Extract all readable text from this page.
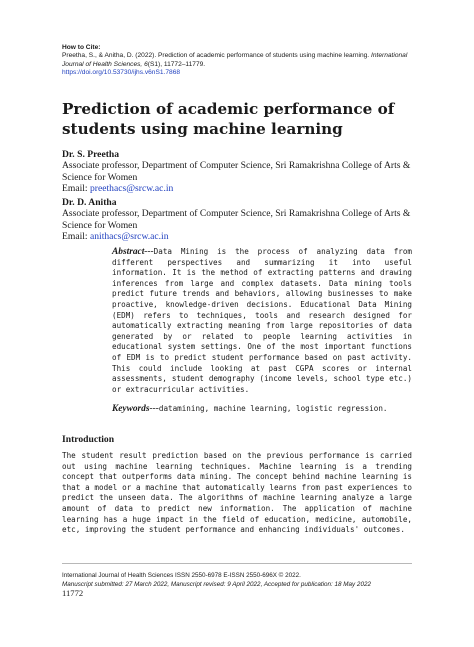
How to Cite:
Preetha, S., & Anitha, D. (2022). Prediction of academic performance of students using machine learning. International Journal of Health Sciences, 6(S1), 11772–11779.
https://doi.org/10.53730/ijhs.v6nS1.7868
Prediction of academic performance of students using machine learning
Dr. S. Preetha
Associate professor, Department of Computer Science, Sri Ramakrishna College of Arts & Science for Women
Email: preethacs@srcw.ac.in
Dr. D. Anitha
Associate professor, Department of Computer Science, Sri Ramakrishna College of Arts & Science for Women
Email: anithacs@srcw.ac.in
Abstract---Data Mining is the process of analyzing data from different perspectives and summarizing it into useful information. It is the method of extracting patterns and drawing inferences from large and complex datasets. Data mining tools predict future trends and behaviors, allowing businesses to make proactive, knowledge-driven decisions. Educational Data Mining (EDM) refers to techniques, tools and research designed for automatically extracting meaning from large repositories of data generated by or related to people learning activities in educational system settings. One of the most important functions of EDM is to predict student performance based on past activity. This could include looking at past CGPA scores or internal assessments, student demography (income levels, school type etc.) or extracurricular activities.
Keywords---datamining, machine learning, logistic regression.
Introduction
The student result prediction based on the previous performance is carried out using machine learning techniques. Machine learning is a trending concept that outperforms data mining. The concept behind machine learning is that a model or a machine that automatically learns from past experiences to predict the unseen data. The algorithms of machine learning analyze a large amount of data to predict new information. The application of machine learning has a huge impact in the field of education, medicine, automobile, etc, improving the student performance and enhancing individuals' outcomes.
International Journal of Health Sciences ISSN 2550-6978 E-ISSN 2550-696X © 2022.
Manuscript submitted: 27 March 2022, Manuscript revised: 9 April 2022, Accepted for publication: 18 May 2022
11772
